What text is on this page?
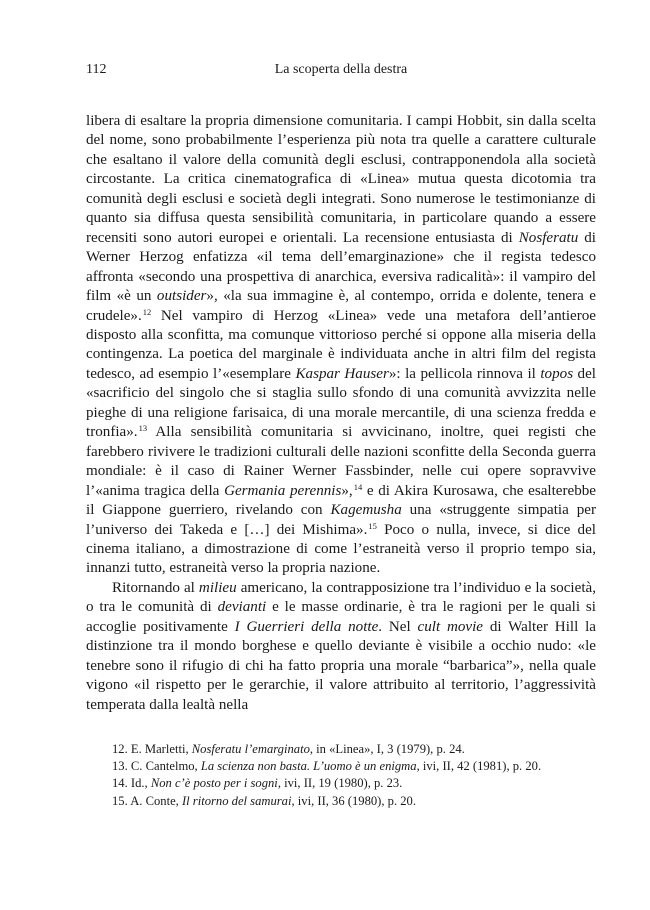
112	La scoperta della destra

libera di esaltare la propria dimensione comunitaria. I campi Hobbit, sin dalla scelta del nome, sono probabilmente l’esperienza più nota tra quelle a carattere culturale che esaltano il valore della comunità degli esclusi, contrapponendola alla società circostante. La critica cinematografica di «Linea» mutua questa dicotomia tra comunità degli esclusi e società degli integrati. Sono numerose le testimonianze di quanto sia diffusa questa sensibilità comunitaria, in particolare quando a essere recensiti sono autori europei e orientali. La recensione entusiasta di Nosferatu di Werner Herzog enfatizza «il tema dell’emarginazione» che il regista tedesco affronta «secondo una prospettiva di anarchica, eversiva radicalità»: il vampiro del film «è un outsider», «la sua immagine è, al contempo, orrida e dolente, tenera e crudele».$^{12}$ Nel vampiro di Herzog «Linea» vede una metafora dell’antieroe disposto alla sconfitta, ma comunque vittorioso perché si oppone alla miseria della contingenza. La poetica del marginale è individuata anche in altri film del regista tedesco, ad esempio l’«esemplare Kaspar Hauser»: la pellicola rinnova il topos del «sacrificio del singolo che si staglia sullo sfondo di una comunità avvizzita nelle pieghe di una religione farisaica, di una morale mercantile, di una scienza fredda e tronfia».$^{13}$ Alla sensibilità comunitaria si avvicinano, inoltre, quei registi che farebbero rivivere le tradizioni culturali delle nazioni sconfitte della Seconda guerra mondiale: è il caso di Rainer Werner Fassbinder, nelle cui opere sopravvive l’«anima tragica della Germania perennis»,$^{14}$ e di Akira Kurosawa, che esalterebbe il Giappone guerriero, rivelando con Kagemusha una «struggente simpatia per l’universo dei Takeda e […] dei Mishima».$^{15}$ Poco o nulla, invece, si dice del cinema italiano, a dimostrazione di come l’estraneità verso il proprio tempo sia, innanzi tutto, estraneità verso la propria nazione.

Ritornando al milieu americano, la contrapposizione tra l’individuo e la società, o tra le comunità di devianti e le masse ordinarie, è tra le ragioni per le quali si accoglie positivamente I Guerrieri della notte. Nel cult movie di Walter Hill la distinzione tra il mondo borghese e quello deviante è visibile a occhio nudo: «le tenebre sono il rifugio di chi ha fatto propria una morale “barbarica”», nella quale vigono «il rispetto per le gerarchie, il valore attribuito al territorio, l’aggressività temperata dalla lealtà nella

12. E. Marletti, Nosferatu l’emarginato, in «Linea», I, 3 (1979), p. 24.
13. C. Cantelmo, La scienza non basta. L’uomo è un enigma, ivi, II, 42 (1981), p. 20.
14. Id., Non c’è posto per i sogni, ivi, II, 19 (1980), p. 23.
15. A. Conte, Il ritorno del samurai, ivi, II, 36 (1980), p. 20.
